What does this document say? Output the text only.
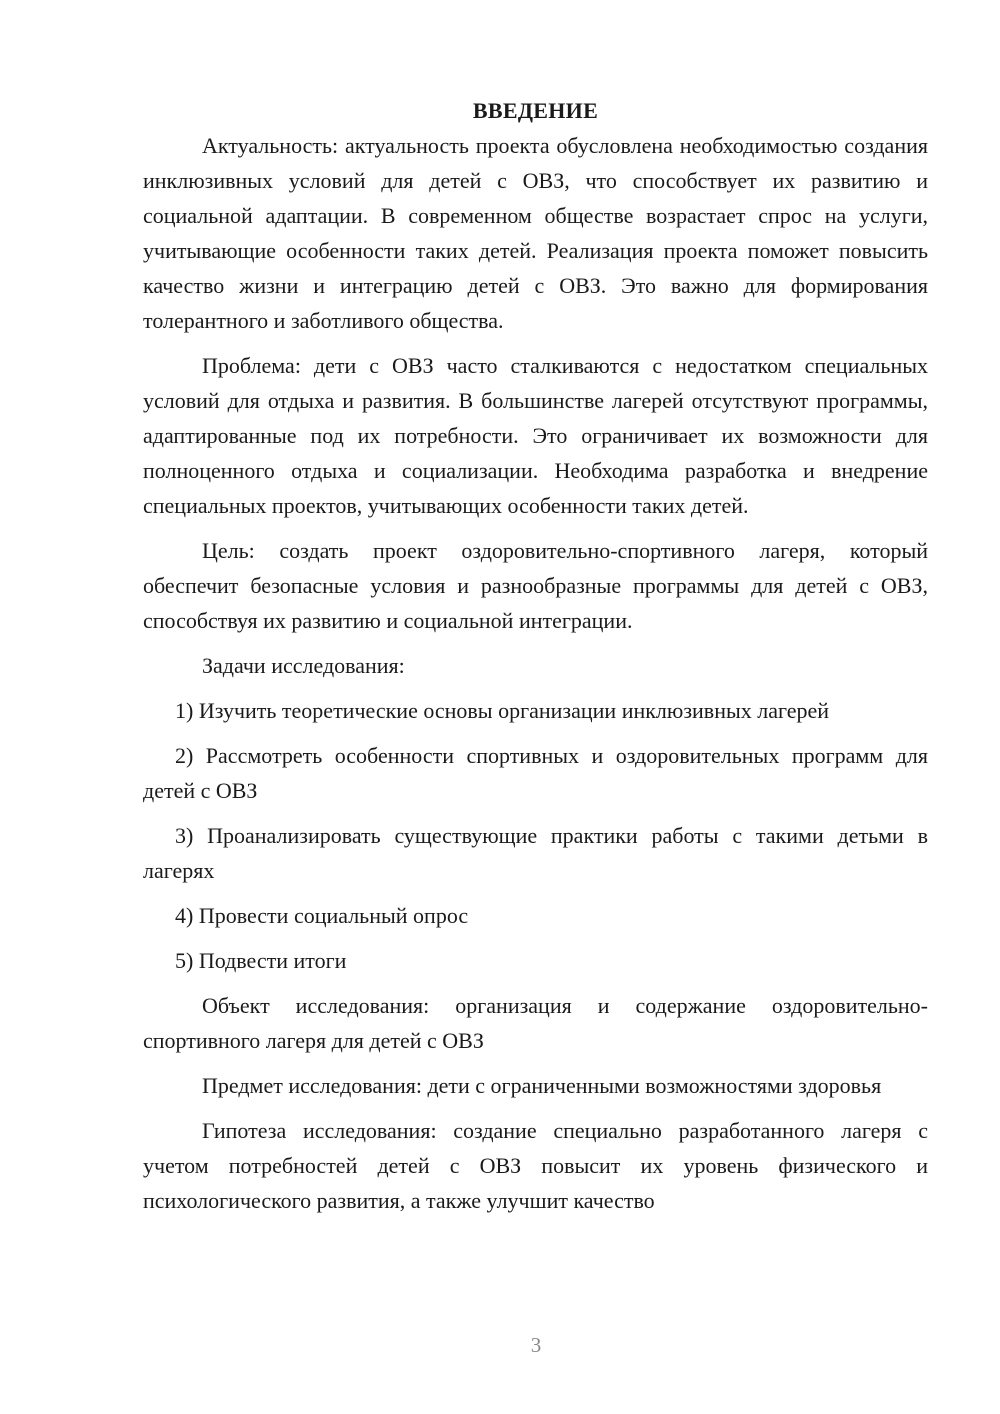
ВВЕДЕНИЕ

Актуальность: актуальность проекта обусловлена необходимостью создания инклюзивных условий для детей с ОВЗ, что способствует их развитию и социальной адаптации. В современном обществе возрастает спрос на услуги, учитывающие особенности таких детей. Реализация проекта поможет повысить качество жизни и интеграцию детей с ОВЗ. Это важно для формирования толерантного и заботливого общества.

Проблема: дети с ОВЗ часто сталкиваются с недостатком специальных условий для отдыха и развития. В большинстве лагерей отсутствуют программы, адаптированные под их потребности. Это ограничивает их возможности для полноценного отдыха и социализации. Необходима разработка и внедрение специальных проектов, учитывающих особенности таких детей.

Цель: создать проект оздоровительно-спортивного лагеря, который обеспечит безопасные условия и разнообразные программы для детей с ОВЗ, способствуя их развитию и социальной интеграции.

Задачи исследования:

1) Изучить теоретические основы организации инклюзивных лагерей

2) Рассмотреть особенности спортивных и оздоровительных программ для детей с ОВЗ

3) Проанализировать существующие практики работы с такими детьми в лагерях

4) Провести социальный опрос

5) Подвести итоги

Объект исследования: организация и содержание оздоровительно-спортивного лагеря для детей с ОВЗ

Предмет исследования: дети с ограниченными возможностями здоровья

Гипотеза исследования: создание специально разработанного лагеря с учетом потребностей детей с ОВЗ повысит их уровень физического и психологического развития, а также улучшит качество

3
